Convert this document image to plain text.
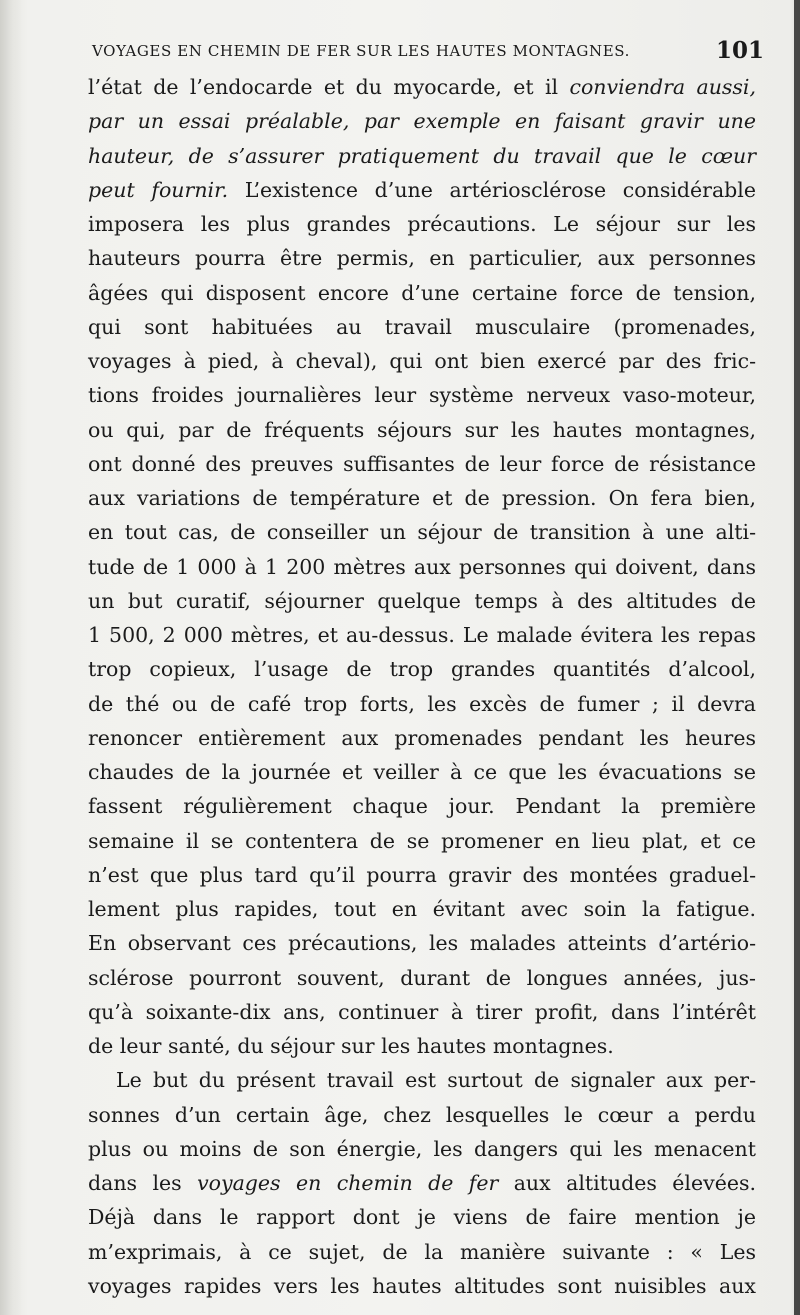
VOYAGES EN CHEMIN DE FER SUR LES HAUTES MONTAGNES.	101
l’état de l’endocarde et du myocarde, et il conviendra aussi,
par un essai préalable, par exemple en faisant gravir une
hauteur, de s’assurer pratiquement du travail que le cœur
peut fournir. L’existence d’une artériosclérose considérable
imposera les plus grandes précautions. Le séjour sur les
hauteurs pourra être permis, en particulier, aux personnes
âgées qui disposent encore d’une certaine force de tension,
qui sont habituées au travail musculaire (promenades,
voyages à pied, à cheval), qui ont bien exercé par des fric-
tions froides journalières leur système nerveux vaso-moteur,
ou qui, par de fréquents séjours sur les hautes montagnes,
ont donné des preuves suffisantes de leur force de résistance
aux variations de température et de pression. On fera bien,
en tout cas, de conseiller un séjour de transition à une alti-
tude de 1 000 à 1 200 mètres aux personnes qui doivent, dans
un but curatif, séjourner quelque temps à des altitudes de
1 500, 2 000 mètres, et au-dessus. Le malade évitera les repas
trop copieux, l’usage de trop grandes quantités d’alcool,
de thé ou de café trop forts, les excès de fumer ; il devra
renoncer entièrement aux promenades pendant les heures
chaudes de la journée et veiller à ce que les évacuations se
fassent régulièrement chaque jour. Pendant la première
semaine il se contentera de se promener en lieu plat, et ce
n’est que plus tard qu’il pourra gravir des montées graduel-
lement plus rapides, tout en évitant avec soin la fatigue.
En observant ces précautions, les malades atteints d’artério-
sclérose pourront souvent, durant de longues années, jus-
qu’à soixante-dix ans, continuer à tirer profit, dans l’intérêt
de leur santé, du séjour sur les hautes montagnes.
Le but du présent travail est surtout de signaler aux per-
sonnes d’un certain âge, chez lesquelles le cœur a perdu
plus ou moins de son énergie, les dangers qui les menacent
dans les voyages en chemin de fer aux altitudes élevées.
Déjà dans le rapport dont je viens de faire mention je
m’exprimais, à ce sujet, de la manière suivante : « Les
voyages rapides vers les hautes altitudes sont nuisibles aux
